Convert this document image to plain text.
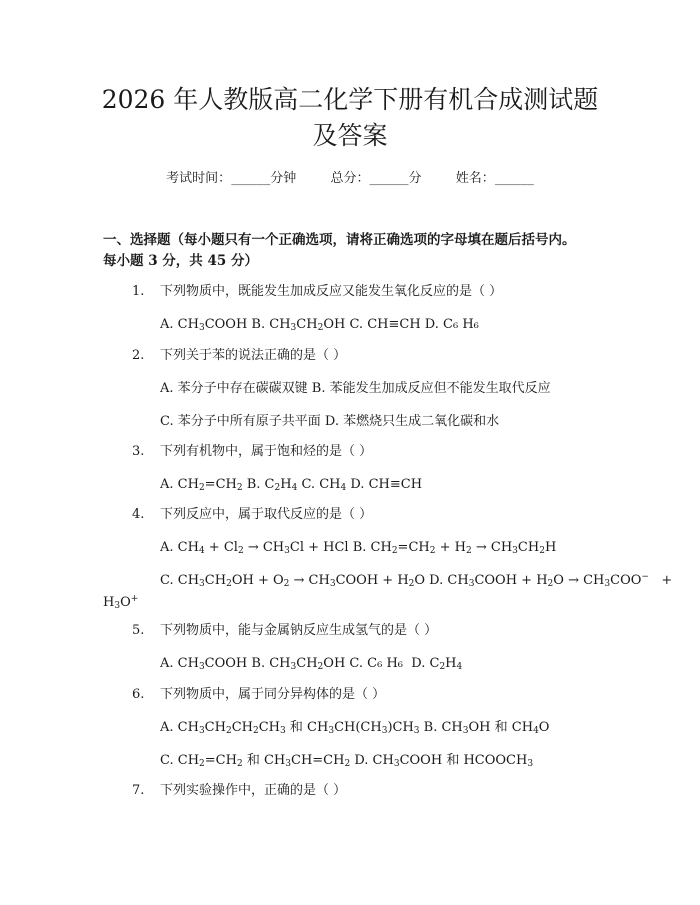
2026 年人教版高二化学下册有机合成测试题
及答案
考试时间：______分钟	总分：______分	姓名：______
一、选择题（每小题只有一个正确选项，请将正确选项的字母填在题后括号内。
每小题 3 分，共 45 分）
1. 下列物质中，既能发生加成反应又能发生氧化反应的是（ ）
A. $CH_3COOH$ B. $CH_3CH_2OH$ C. CH≡CH D. C₆ H₆
2. 下列关于苯的说法正确的是（ ）
A. 苯分子中存在碳碳双键 B. 苯能发生加成反应但不能发生取代反应
C. 苯分子中所有原子共平面 D. 苯燃烧只生成二氧化碳和水
3. 下列有机物中，属于饱和烃的是（ ）
A. $CH_2=CH_2$ B. $C_2H_4$ C. $CH_4$ D. CH≡CH
4. 下列反应中，属于取代反应的是（ ）
A. $CH_4 + Cl_2 \to CH_3Cl$ + HCl B. $CH_2=CH_2 + H_2 \to CH_3CH_2H$
C. $CH_3CH_2OH + O_2$ → $CH_3COOH + H_2O$ D. $CH_3COOH + H_2O \to CH_3COO^-$   +
$H_3O^+$
5. 下列物质中，能与金属钠反应生成氢气的是（ ）
A. $CH_3COOH$ B. $CH_3CH_2OH$ C. C₆ H₆  D. $C_2H_4$
6. 下列物质中，属于同分异构体的是（ ）
A. $CH_3CH_2CH_2CH_3$ 和 $CH_3CH(CH_3)CH_3$ B. $CH_3OH$ 和 $CH_4O$
C. $CH_2=CH_2$ 和 $CH_3CH=CH_2$ D. $CH_3COOH$ 和 $HCOOCH_3$
7. 下列实验操作中，正确的是（ ）
